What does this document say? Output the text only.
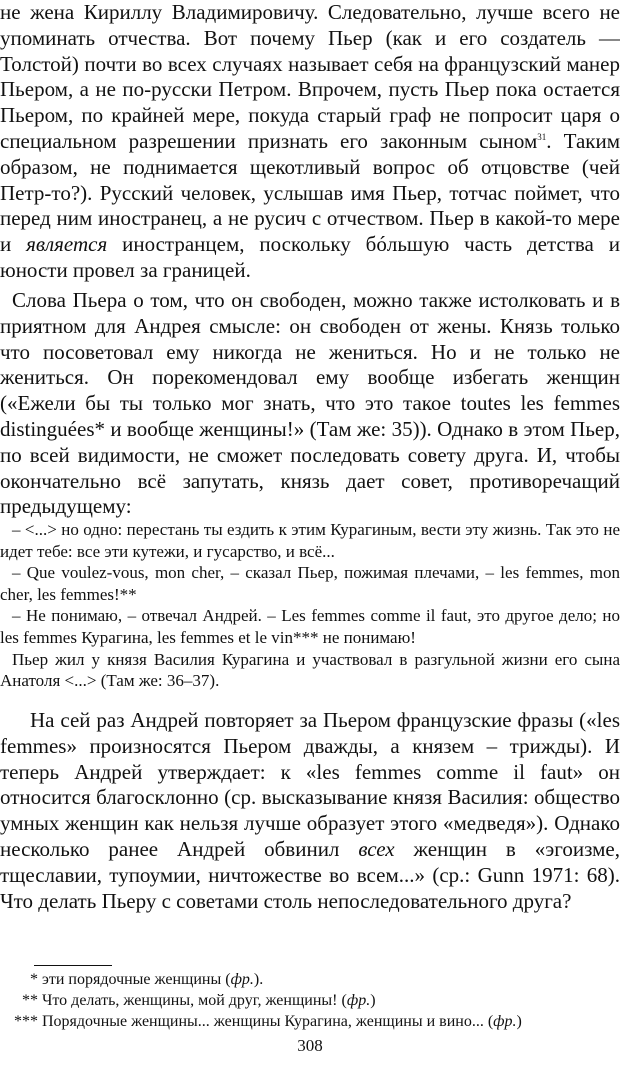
не жена Кириллу Владимировичу. Следовательно, лучше всего не упоминать отчества. Вот почему Пьер (как и его создатель — Толстой) почти во всех случаях называет себя на французский манер Пьером, а не по-русски Петром. Впрочем, пусть Пьер пока остается Пьером, по крайней мере, покуда старый граф не попросит царя о специальном разрешении признать его законным сыном$^{31}$. Таким образом, не поднимается щекотливый вопрос об отцовстве (чей Петр-то?). Русский человек, услышав имя Пьер, тотчас поймет, что перед ним иностранец, а не русич с отчеством. Пьер в какой-то мере и является иностранцем, поскольку бóльшую часть детства и юности провел за границей.

Слова Пьера о том, что он свободен, можно также истолковать и в приятном для Андрея смысле: он свободен от жены. Князь только что посоветовал ему никогда не жениться. Но и не только не жениться. Он порекомендовал ему вообще избегать женщин («Ежели бы ты только мог знать, что это такое toutes les femmes distinguées* и вообще женщины!» (Там же: 35)). Однако в этом Пьер, по всей видимости, не сможет последовать совету друга. И, чтобы окончательно всё запутать, князь дает совет, противоречащий предыдущему:

– <...> но одно: перестань ты ездить к этим Курагиным, вести эту жизнь. Так это не идет тебе: все эти кутежи, и гусарство, и всё...

– Que voulez-vous, mon cher, – сказал Пьер, пожимая плечами, – les femmes, mon cher, les femmes!**

– Не понимаю, – отвечал Андрей. – Les femmes comme il faut, это другое дело; но les femmes Курагина, les femmes et le vin*** не понимаю!

Пьер жил у князя Василия Курагина и участвовал в разгульной жизни его сына Анатоля <...> (Там же: 36–37).

На сей раз Андрей повторяет за Пьером французские фразы («les femmes» произносятся Пьером дважды, а князем – трижды). И теперь Андрей утверждает: к «les femmes comme il faut» он относится благосклонно (ср. высказывание князя Василия: общество умных женщин как нельзя лучше образует этого «медведя»). Однако несколько ранее Андрей обвинил всех женщин в «эгоизме, тщеславии, тупоумии, ничтожестве во всем...» (ср.: Gunn 1971: 68). Что делать Пьеру с советами столь непоследовательного друга?

* эти порядочные женщины (фр.).

** Что делать, женщины, мой друг, женщины! (фр.)

*** Порядочные женщины... женщины Курагина, женщины и вино... (фр.)

308
